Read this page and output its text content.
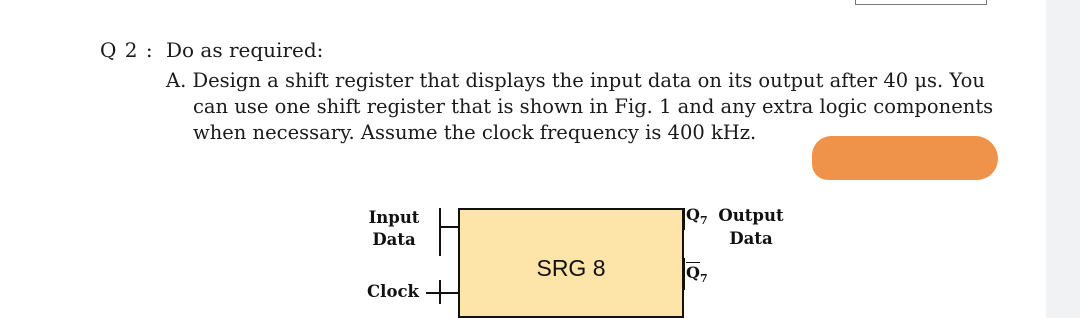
Q 2 : Do as required:
A. Design a shift register that displays the input data on its output after 40 μs. You
can use one shift register that is shown in Fig. 1 and any extra logic components
when necessary. Assume the clock frequency is 400 kHz.
Input
Data
Clock
SRG 8
$Q_7$ Output
Data
$\overline{Q}_7$
